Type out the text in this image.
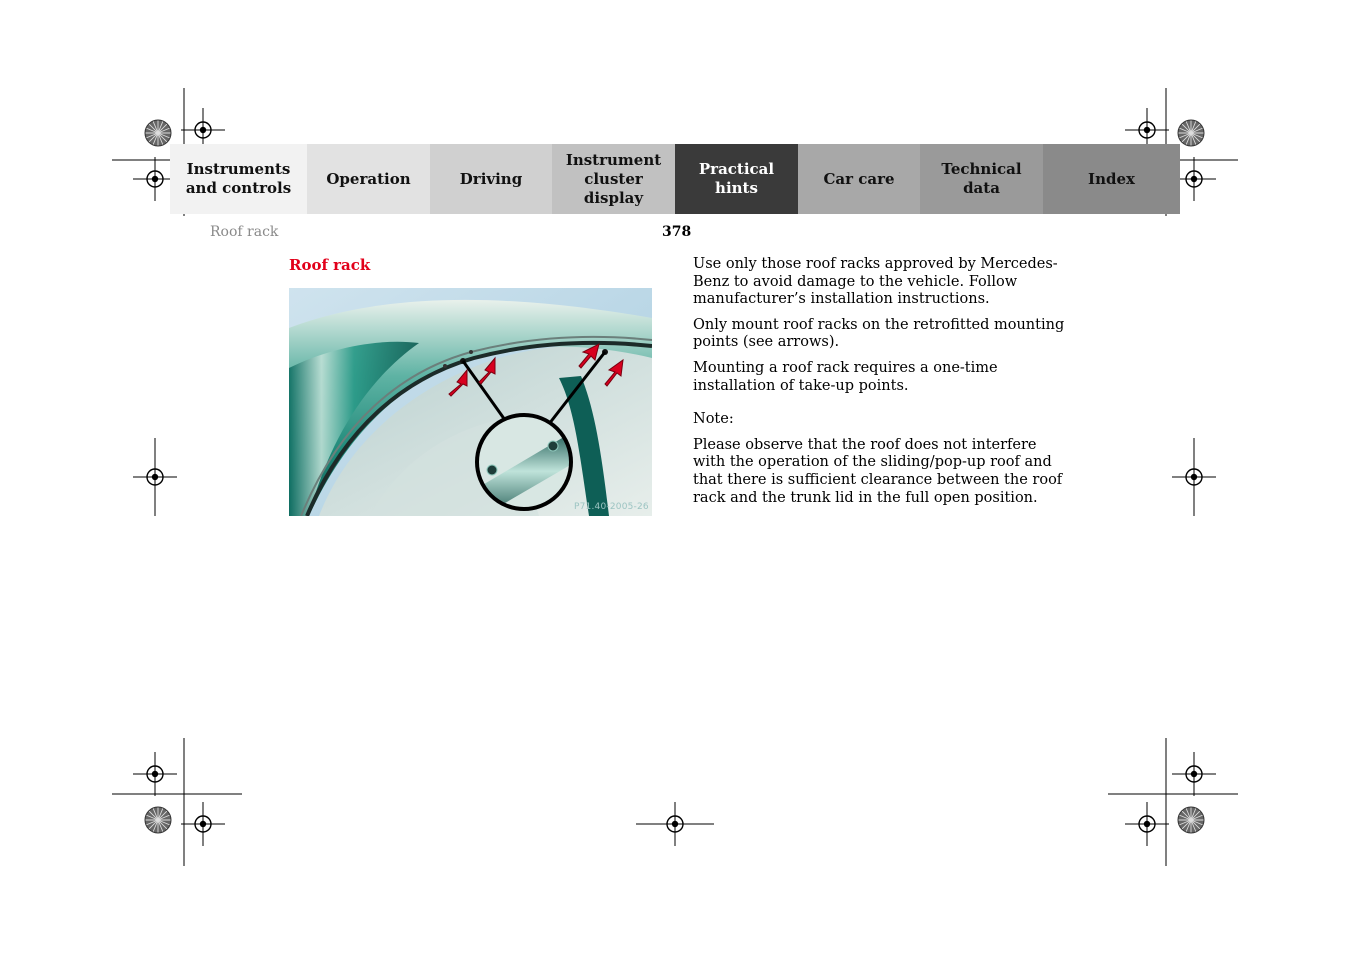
Instruments
and controls
Operation	Driving
Instrument
cluster display
Practical hints
Car care
Technical
data
Index
Roof rack	378
Roof rack
P71.40-2005-26

Use only those roof racks approved by Mercedes-Benz to avoid damage to the vehicle. Follow manufacturer’s installation instructions.

Only mount roof racks on the retrofitted mounting points (see arrows).

Mounting a roof rack requires a one-time installation of take-up points.

Note:

Please observe that the roof does not interfere with the operation of the sliding/pop-up roof and that there is sufficient clearance between the roof rack and the trunk lid in the full open position.
